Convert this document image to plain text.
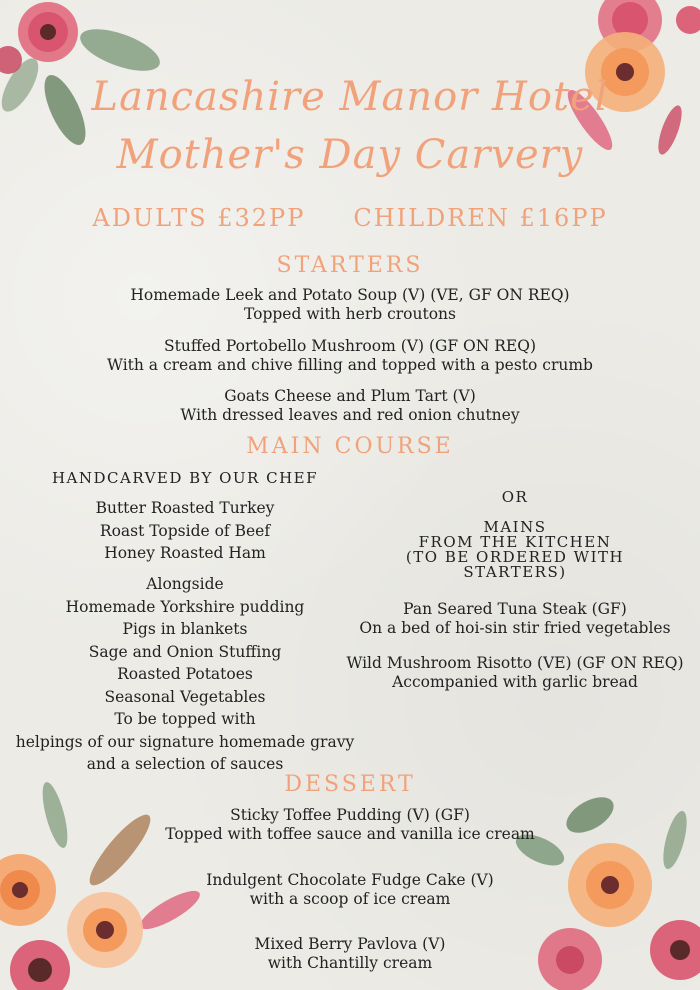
Lancashire Manor Hotel
Mother's Day Carvery
ADULTS £32PP CHILDREN £16PP
STARTERS
Homemade Leek and Potato Soup (V) (VE, GF ON REQ)
Topped with herb croutons
Stuffed Portobello Mushroom (V) (GF ON REQ)
With a cream and chive filling and topped with a pesto crumb
Goats Cheese and Plum Tart (V)
With dressed leaves and red onion chutney
MAIN COURSE
HANDCARVED BY OUR CHEF
Butter Roasted Turkey
Roast Topside of Beef
Honey Roasted Ham
Alongside
Homemade Yorkshire pudding
Pigs in blankets
Sage and Onion Stuffing
Roasted Potatoes
Seasonal Vegetables
To be topped with
helpings of our signature homemade gravy
and a selection of sauces
OR
MAINS
FROM THE KITCHEN
(TO BE ORDERED WITH
STARTERS)
Pan Seared Tuna Steak (GF)
On a bed of hoi-sin stir fried vegetables
Wild Mushroom Risotto (VE) (GF ON REQ)
Accompanied with garlic bread
DESSERT
Sticky Toffee Pudding (V) (GF)
Topped with toffee sauce and vanilla ice cream
Indulgent Chocolate Fudge Cake (V)
with a scoop of ice cream
Mixed Berry Pavlova (V)
with Chantilly cream
